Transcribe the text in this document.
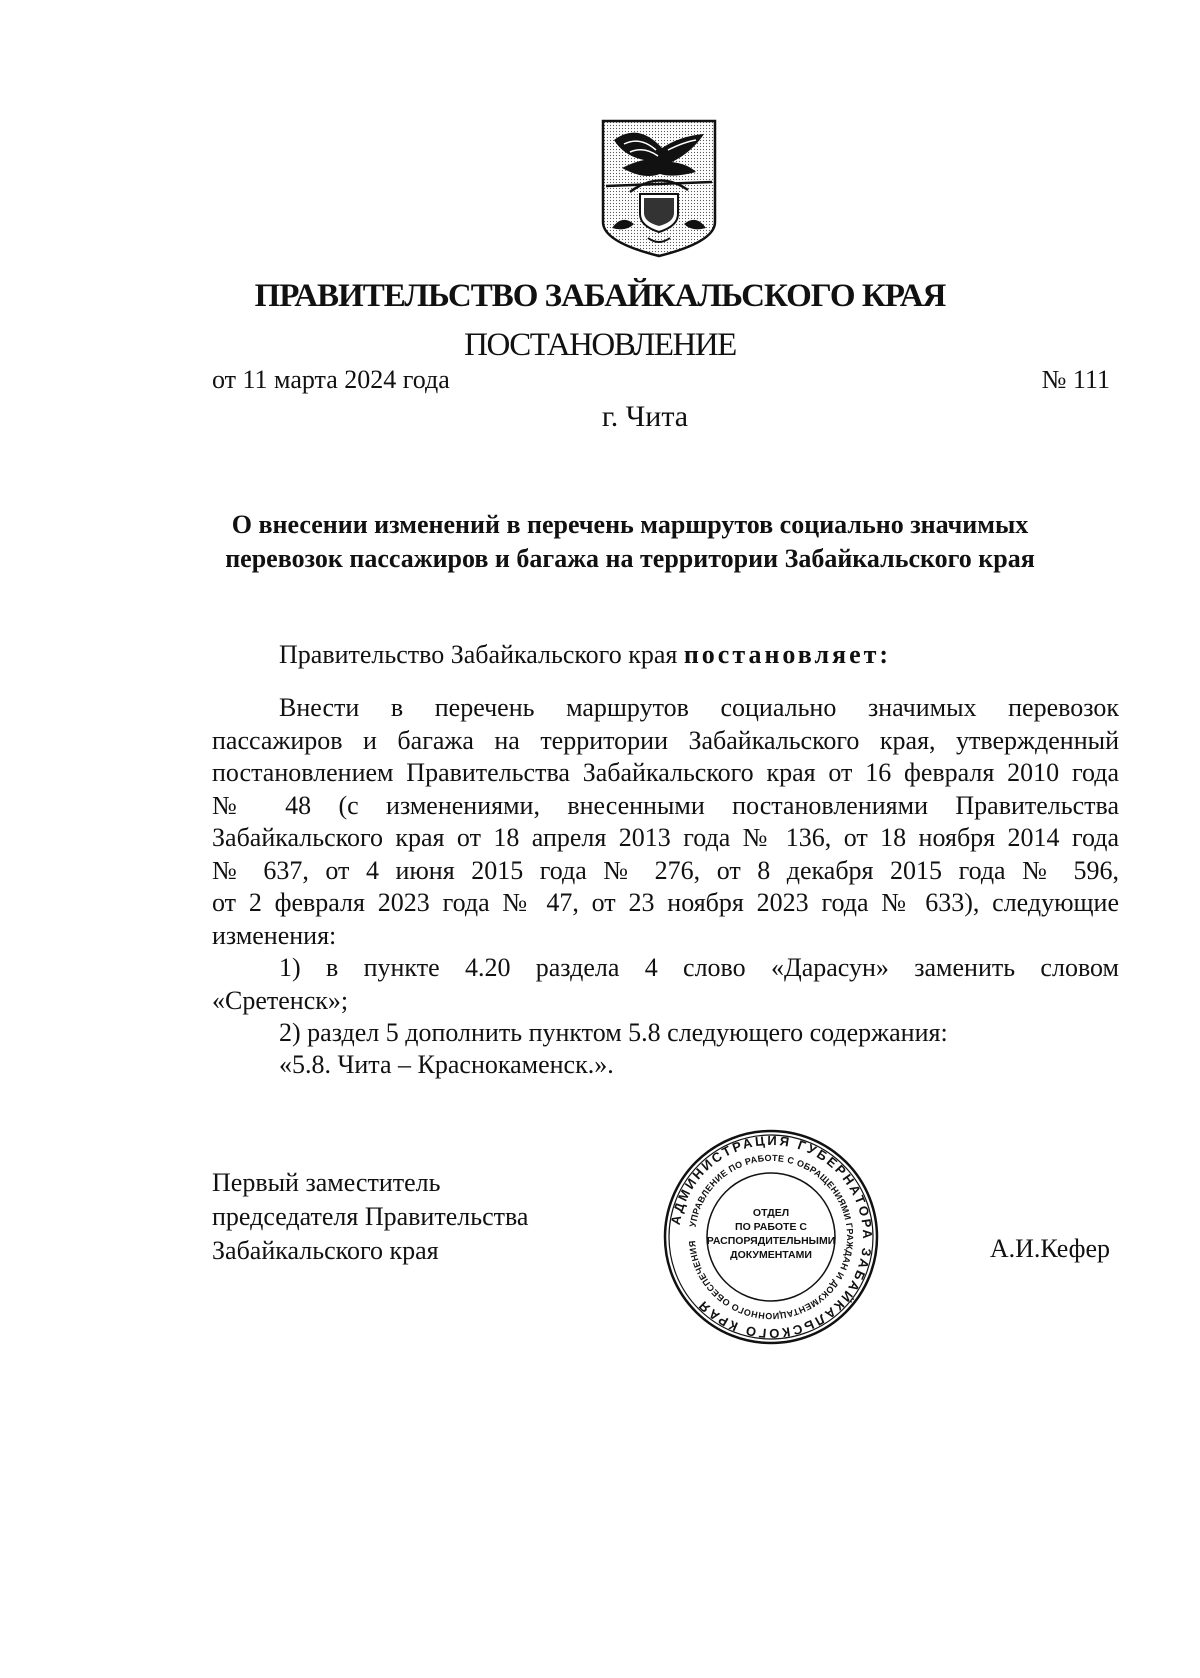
ПРАВИТЕЛЬСТВО ЗАБАЙКАЛЬСКОГО КРАЯ
ПОСТАНОВЛЕНИЕ
от 11 марта 2024 года	№ 111
г. Чита
О внесении изменений в перечень маршрутов социально значимых
перевозок пассажиров и багажа на территории Забайкальского края
Правительство Забайкальского края постановляет:
Внести в перечень маршрутов социально значимых перевозок
пассажиров и багажа на территории Забайкальского края, утвержденный
постановлением Правительства Забайкальского края от 16 февраля 2010 года
№ 48 (с изменениями, внесенными постановлениями Правительства
Забайкальского края от 18 апреля 2013 года № 136, от 18 ноября 2014 года
№ 637, от 4 июня 2015 года № 276, от 8 декабря 2015 года № 596,
от 2 февраля 2023 года № 47, от 23 ноября 2023 года № 633), следующие
изменения:
1) в пункте 4.20 раздела 4 слово «Дарасун» заменить словом
«Сретенск»;
2) раздел 5 дополнить пунктом 5.8 следующего содержания:
«5.8. Чита – Краснокаменск.».
Первый заместитель
председателя Правительства
Забайкальского края	А.И.Кефер
АДМИНИСТРАЦИЯ ГУБЕРНАТОРА ЗАБАЙКАЛЬСКОГО КРАЯ
УПРАВЛЕНИЕ ПО РАБОТЕ С ОБРАЩЕНИЯМИ ГРАЖДАН И ДОКУМЕНТАЦИОННОГО ОБЕСПЕЧЕНИЯ
ОТДЕЛ
ПО РАБОТЕ С
РАСПОРЯДИТЕЛЬНЫМИ
ДОКУМЕНТАМИ
